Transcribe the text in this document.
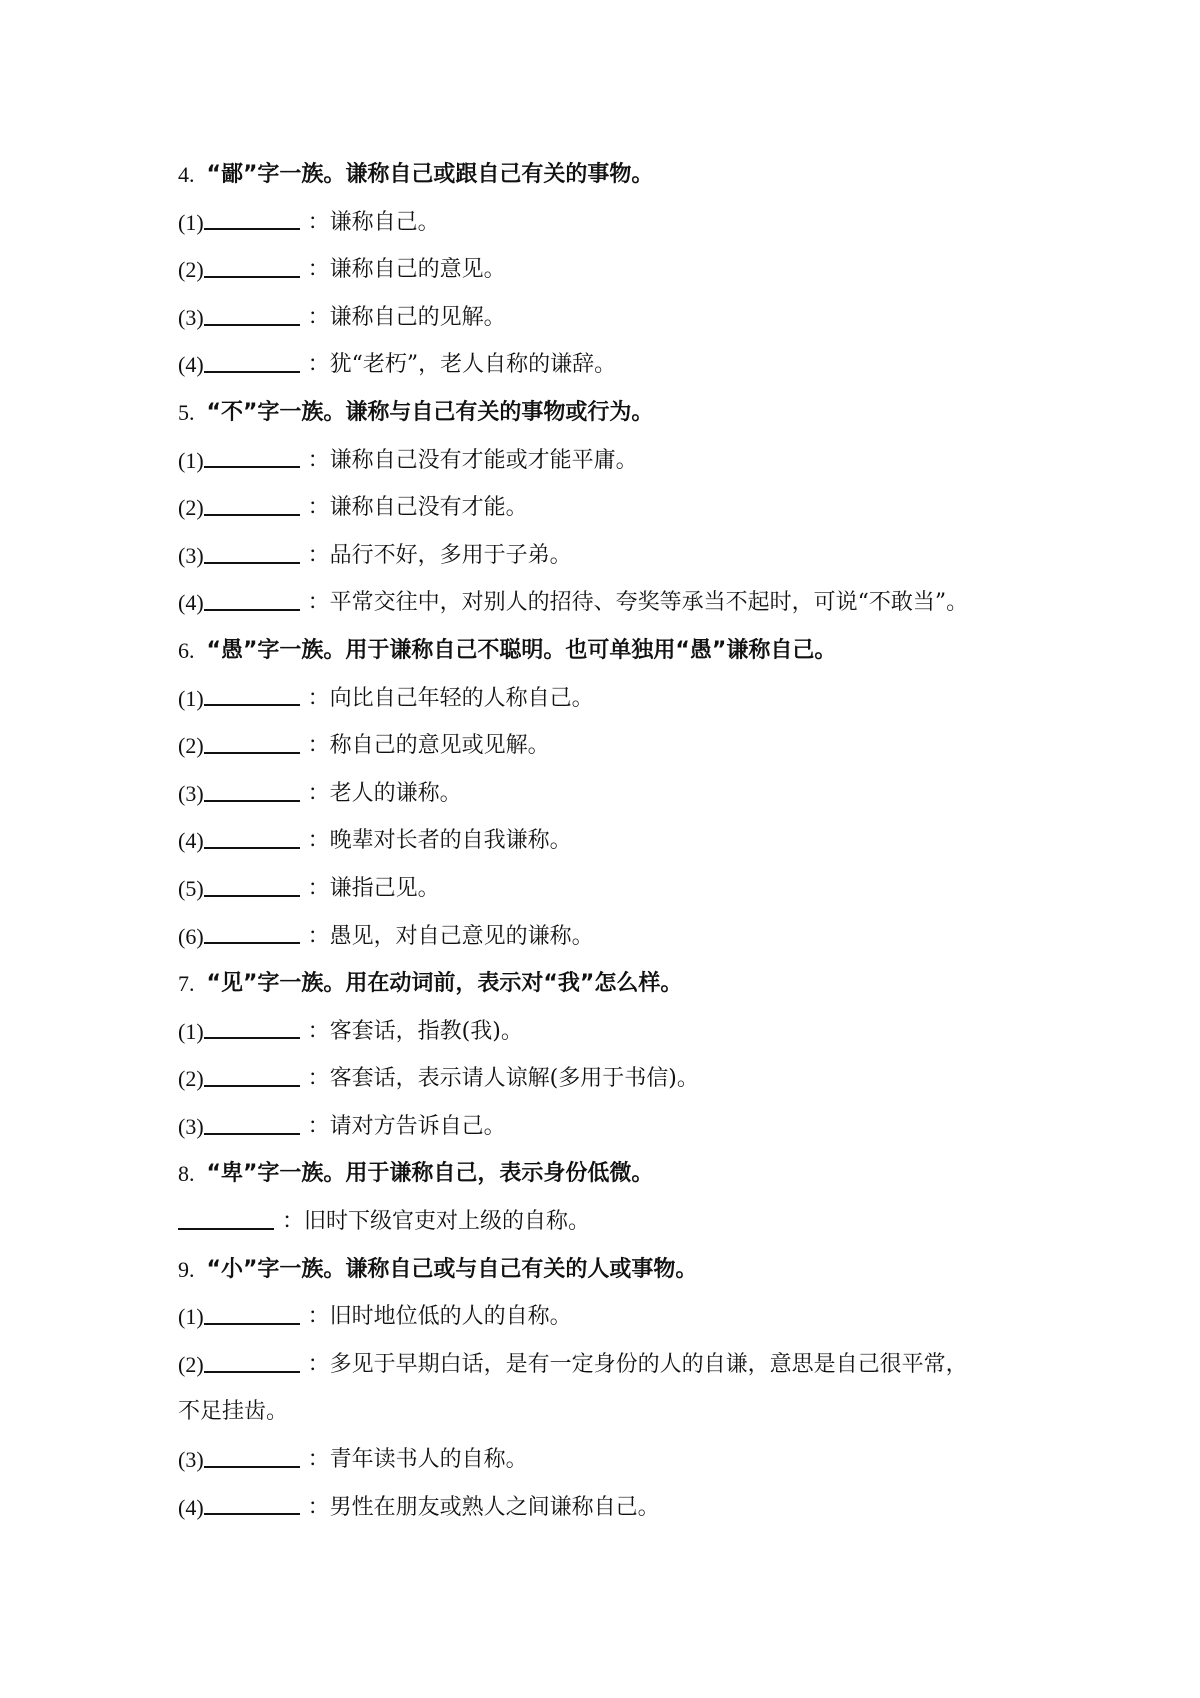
4. “鄙”字一族。谦称自己或跟自己有关的事物。
(1)	：谦称自己。
(2)	：谦称自己的意见。
(3)	：谦称自己的见解。
(4)	：犹“老朽”，老人自称的谦辞。
5. “不”字一族。谦称与自己有关的事物或行为。
(1)	：谦称自己没有才能或才能平庸。
(2)	：谦称自己没有才能。
(3)	：品行不好，多用于子弟。
(4)	：平常交往中，对别人的招待、夸奖等承当不起时，可说“不敢当”。
6. “愚”字一族。用于谦称自己不聪明。也可单独用“愚”谦称自己。
(1)	：向比自己年轻的人称自己。
(2)	：称自己的意见或见解。
(3)	：老人的谦称。
(4)	：晚辈对长者的自我谦称。
(5)	：谦指己见。
(6)	：愚见，对自己意见的谦称。
7. “见”字一族。用在动词前，表示对“我”怎么样。
(1)	：客套话，指教(我)。
(2)	：客套话，表示请人谅解(多用于书信)。
(3)	：请对方告诉自己。
8. “卑”字一族。用于谦称自己，表示身份低微。
：旧时下级官吏对上级的自称。
9. “小”字一族。谦称自己或与自己有关的人或事物。
(1)	：旧时地位低的人的自称。
(2)	：多见于早期白话，是有一定身份的人的自谦，意思是自己很平常，
不足挂齿。
(3)	：青年读书人的自称。
(4)	：男性在朋友或熟人之间谦称自己。
